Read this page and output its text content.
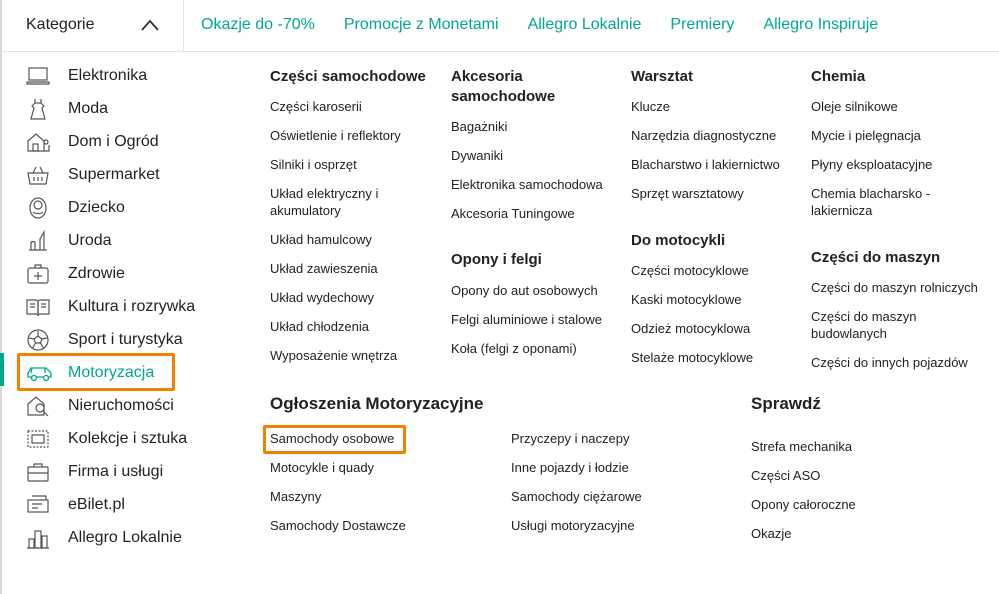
Kategorie	Okazje do -70% Promocje z Monetami Allegro Lokalnie Premiery Allegro Inspiruje
Elektronika
Moda
Dom i Ogród
Supermarket
Dziecko
Uroda
Zdrowie
Kultura i rozrywka
Sport i turystyka
Motoryzacja
Nieruchomości
Kolekcje i sztuka
Firma i usługi
eBilet.pl
Allegro Lokalnie
Części samochodowe
Części karoserii
Oświetlenie i reflektory
Silniki i osprzęt
Układ elektryczny i akumulatory
Układ hamulcowy
Układ zawieszenia
Układ wydechowy
Układ chłodzenia
Wyposażenie wnętrza
Akcesoria samochodowe
Bagażniki
Dywaniki
Elektronika samochodowa
Akcesoria Tuningowe
Opony i felgi
Opony do aut osobowych
Felgi aluminiowe i stalowe
Koła (felgi z oponami)
Warsztat
Klucze
Narzędzia diagnostyczne
Blacharstwo i lakiernictwo
Sprzęt warsztatowy
Do motocykli
Części motocyklowe
Kaski motocyklowe
Odzież motocyklowa
Stelaże motocyklowe
Chemia
Oleje silnikowe
Mycie i pielęgnacja
Płyny eksploatacyjne
Chemia blacharsko - lakiernicza
Części do maszyn
Części do maszyn rolniczych
Części do maszyn budowlanych
Części do innych pojazdów
Ogłoszenia Motoryzacyjne
Samochody osobowe
Motocykle i quady
Maszyny
Samochody Dostawcze
Przyczepy i naczepy
Inne pojazdy i łodzie
Samochody ciężarowe
Usługi motoryzacyjne
Sprawdź
Strefa mechanika
Części ASO
Opony całoroczne
Okazje
